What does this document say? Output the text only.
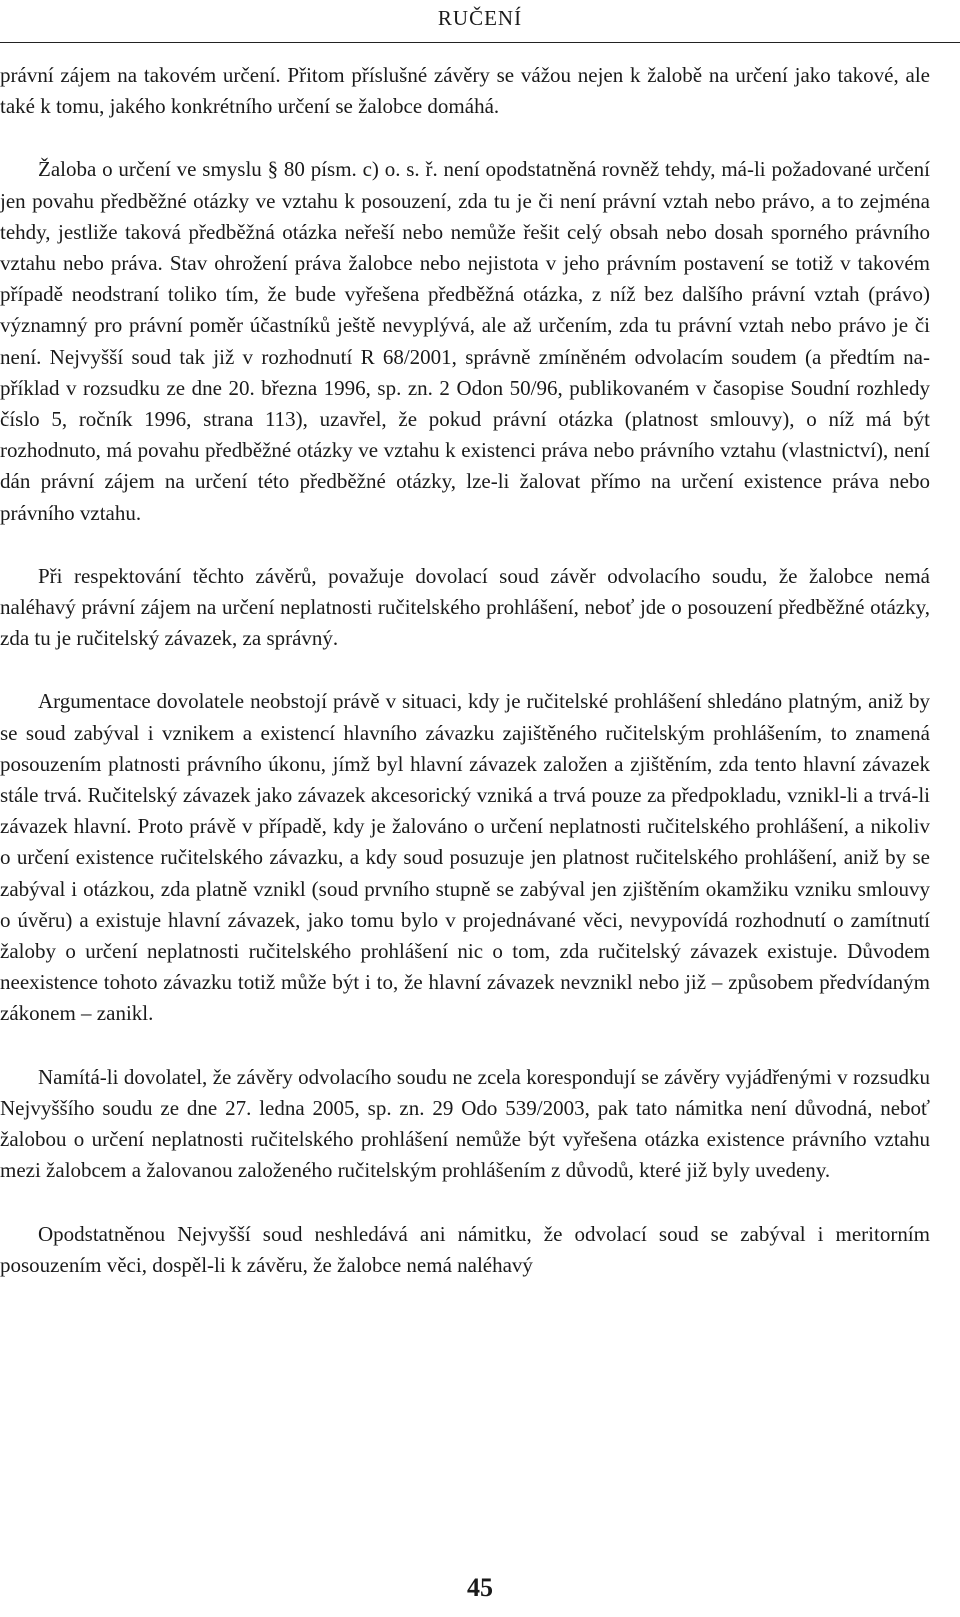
RUČENÍ

právní zájem na takovém určení. Přitom příslušné závěry se vážou nejen k žalobě na určení jako takové, ale také k tomu, jakého konkrétního určení se žalobce domáhá.

Žaloba o určení ve smyslu § 80 písm. c) o. s. ř. není opodstatněná rovněž tehdy, má-li požadované určení jen povahu předběžné otázky ve vztahu k posouzení, zda tu je či není právní vztah nebo právo, a to zejména tehdy, jestliže taková předběžná otázka neřeší nebo nemůže řešit celý obsah nebo dosah sporného právního vztahu nebo práva. Stav ohrožení práva žalobce nebo nejistota v jeho právním postavení se totiž v takovém případě neodstraní toliko tím, že bude vyřešena předběžná otázka, z níž bez dalšího právní vztah (právo) významný pro právní poměr účastníků ještě nevyplývá, ale až určením, zda tu právní vztah nebo právo je či není. Nejvyšší soud tak již v rozhodnutí R 68/2001, správně zmíněném odvolacím soudem (a předtím například v rozsudku ze dne 20. března 1996, sp. zn. 2 Odon 50/96, publikovaném v časopise Soudní rozhledy číslo 5, ročník 1996, strana 113), uzavřel, že pokud právní otázka (platnost smlouvy), o níž má být rozhodnuto, má povahu předběžné otázky ve vztahu k existenci práva nebo právního vztahu (vlastnictví), není dán právní zájem na určení této předběžné otázky, lze-li žalovat přímo na určení existence práva nebo právního vztahu.

Při respektování těchto závěrů, považuje dovolací soud závěr odvolacího soudu, že žalobce nemá naléhavý právní zájem na určení neplatnosti ručitelského prohlášení, neboť jde o posouzení předběžné otázky, zda tu je ručitelský závazek, za správný.

Argumentace dovolatele neobstojí právě v situaci, kdy je ručitelské prohlášení shledáno platným, aniž by se soud zabýval i vznikem a existencí hlavního závazku zajištěného ručitelským prohlášením, to znamená posouzením platnosti právního úkonu, jímž byl hlavní závazek založen a zjištěním, zda tento hlavní závazek stále trvá. Ručitelský závazek jako závazek akcesorický vzniká a trvá pouze za předpokladu, vznikl-li a trvá-li závazek hlavní. Proto právě v případě, kdy je žalováno o určení neplatnosti ručitelského prohlášení, a nikoliv o určení existence ručitelského závazku, a kdy soud posuzuje jen platnost ručitelského prohlášení, aniž by se zabýval i otázkou, zda platně vznikl (soud prvního stupně se zabýval jen zjištěním okamžiku vzniku smlouvy o úvěru) a existuje hlavní závazek, jako tomu bylo v projednávané věci, nevypovídá rozhodnutí o zamítnutí žaloby o určení neplatnosti ručitelského prohlášení nic o tom, zda ručitelský závazek existuje. Důvodem neexistence tohoto závazku totiž může být i to, že hlavní závazek nevznikl nebo již – způsobem předvídaným zákonem – zanikl.

Namítá-li dovolatel, že závěry odvolacího soudu ne zcela korespondují se závěry vyjádřenými v rozsudku Nejvyššího soudu ze dne 27. ledna 2005, sp. zn. 29 Odo 539/2003, pak tato námitka není důvodná, neboť žalobou o určení neplatnosti ručitelského prohlášení nemůže být vyřešena otázka existence právního vztahu mezi žalobcem a žalovanou založeného ručitelským prohlášením z důvodů, které již byly uvedeny.

Opodstatněnou Nejvyšší soud neshledává ani námitku, že odvolací soud se zabýval i meritorním posouzením věci, dospěl-li k závěru, že žalobce nemá naléhavý

45
